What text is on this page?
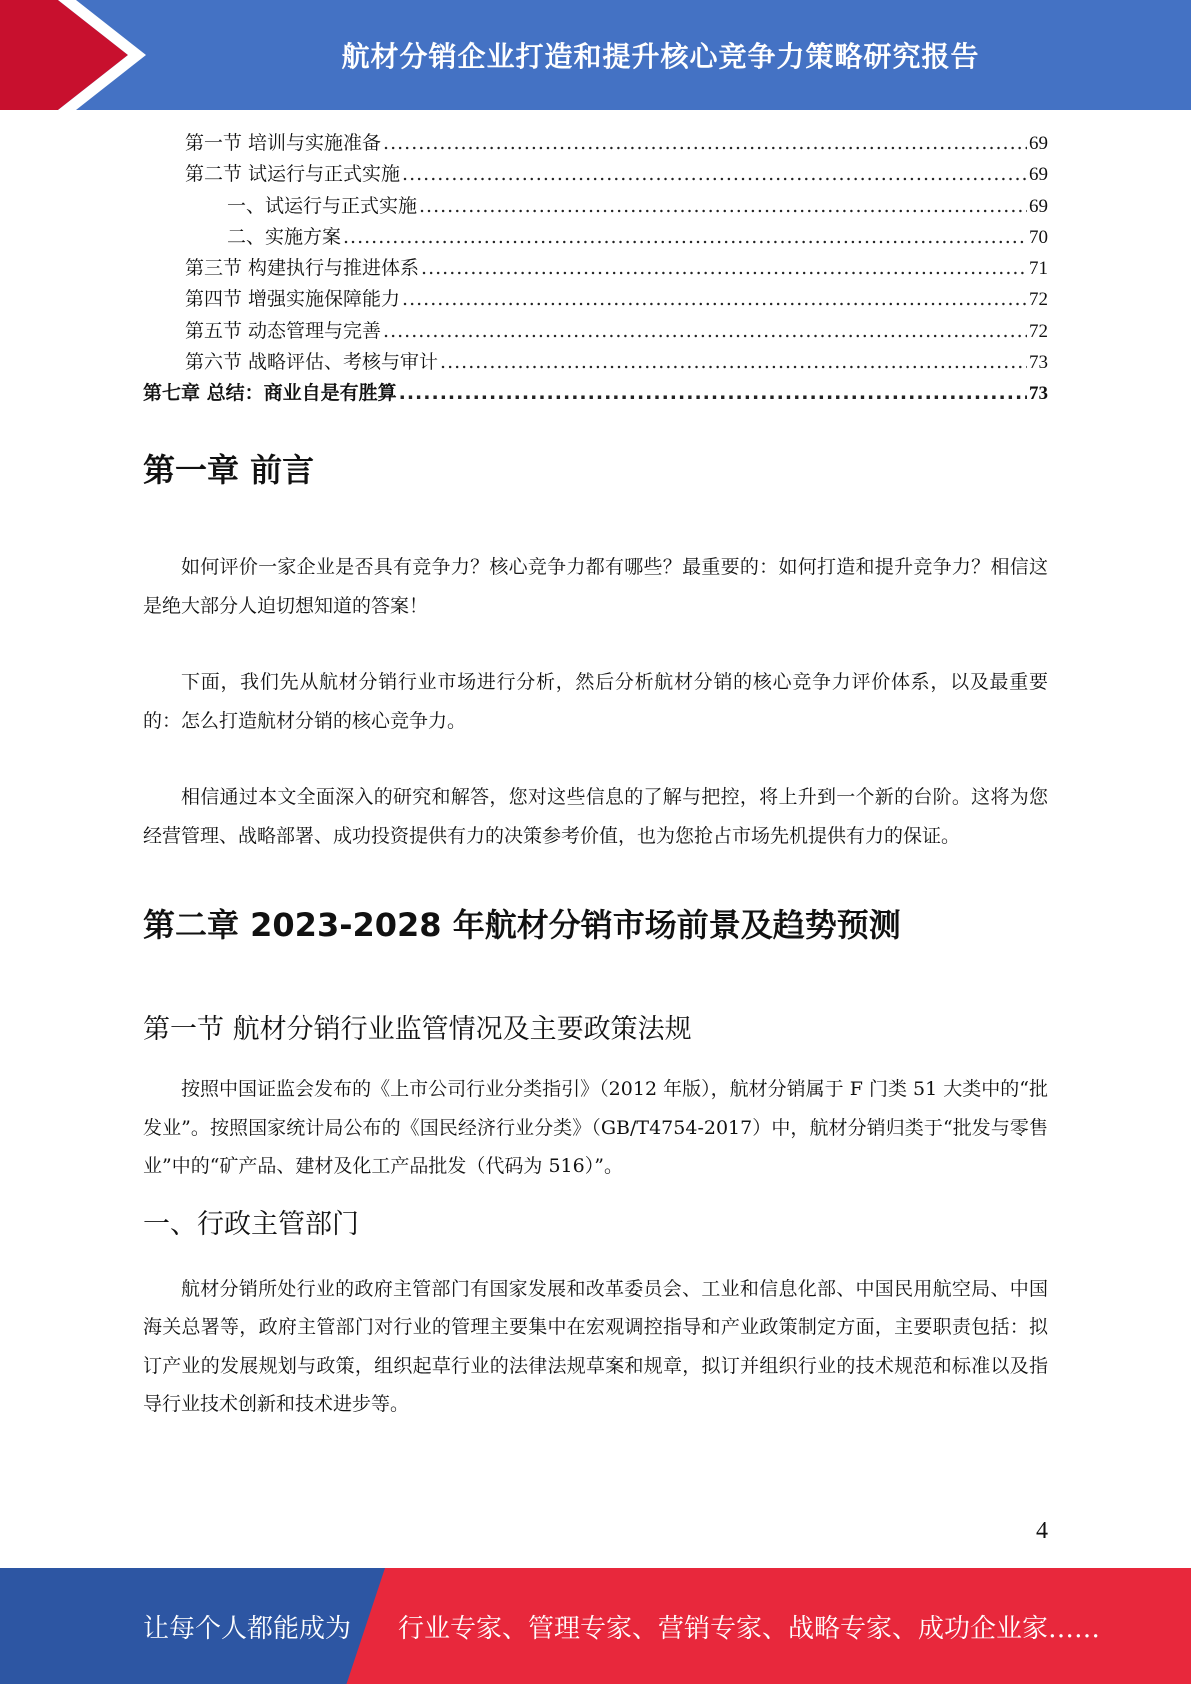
航材分销企业打造和提升核心竞争力策略研究报告
第一节 培训与实施准备 .....	69
第二节 试运行与正式实施 .....	69
一、试运行与正式实施 .....	69
二、实施方案 .....	70
第三节 构建执行与推进体系 .....	71
第四节 增强实施保障能力 .....	72
第五节 动态管理与完善 .....	72
第六节 战略评估、考核与审计 .....	73
第七章 总结：商业自是有胜算 .....	73
第一章 前言

如何评价一家企业是否具有竞争力？核心竞争力都有哪些？最重要的：如何打造和提升竞争力？相信这是绝大部分人迫切想知道的答案！

下面，我们先从航材分销行业市场进行分析，然后分析航材分销的核心竞争力评价体系，以及最重要的：怎么打造航材分销的核心竞争力。

相信通过本文全面深入的研究和解答，您对这些信息的了解与把控，将上升到一个新的台阶。这将为您经营管理、战略部署、成功投资提供有力的决策参考价值，也为您抢占市场先机提供有力的保证。

第二章 2023-2028 年航材分销市场前景及趋势预测
第一节 航材分销行业监管情况及主要政策法规

按照中国证监会发布的《上市公司行业分类指引》（2012 年版），航材分销属于 F 门类 51 大类中的“批发业”。按照国家统计局公布的《国民经济行业分类》（GB/T4754-2017）中，航材分销归类于“批发与零售业”中的“矿产品、建材及化工产品批发（代码为 516）”。

一、行政主管部门

航材分销所处行业的政府主管部门有国家发展和改革委员会、工业和信息化部、中国民用航空局、中国海关总署等，政府主管部门对行业的管理主要集中在宏观调控指导和产业政策制定方面，主要职责包括：拟订产业的发展规划与政策，组织起草行业的法律法规草案和规章，拟订并组织行业的技术规范和标准以及指导行业技术创新和技术进步等。

4
让每个人都能成为 行业专家、管理专家、营销专家、战略专家、成功企业家……
